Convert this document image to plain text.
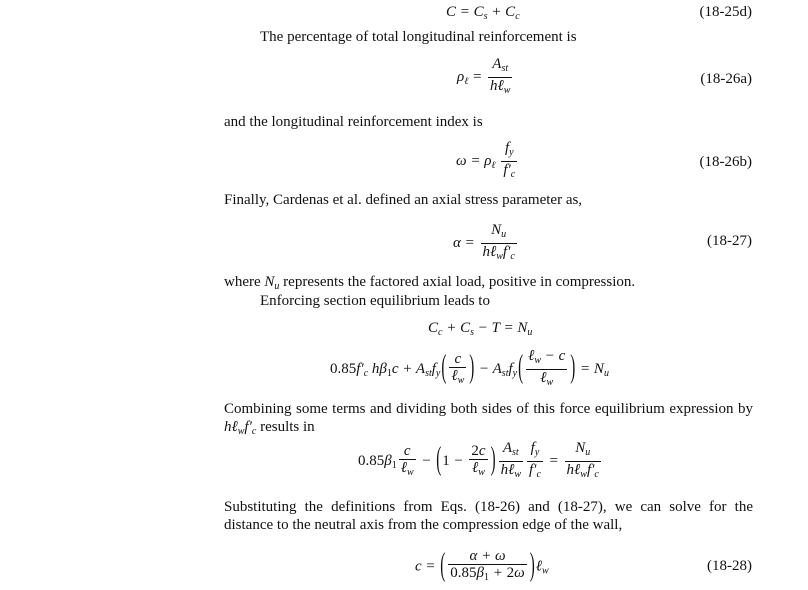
$C = C_s + C_c$	(18-25d)
The percentage of total longitudinal reinforcement is
$\rho_\ell = \frac{A_{st}}{h\ell_w}$	(18-26a)
and the longitudinal reinforcement index is
$\omega = \rho_\ell \frac{f_y}{f'_c}$	(18-26b)
Finally, Cardenas et al. defined an axial stress parameter as,
$\alpha = \frac{N_u}{h\ell_wf'_c}$	(18-27)
where $N_u$ represents the factored axial load, positive in compression.
Enforcing section equilibrium leads to
$C_c + C_s - T = N_u$
$0.85f'_c$ $h\beta_1c + A_{st}f_y( \frac{c}{\ell_w}$ ) − $A_{st}f_y( \frac{\ell_w - c}{\ell_w}$ ) = $N_u$
Combining some terms and dividing both sides of this force equilibrium expression by $h\ell_wf'_c$ results in
$0.85\beta_1 \frac{c}{\ell_w} - (1 - \frac{2c}{\ell_w}$ ) $\frac{A_{st}}{h\ell_w} \frac{f_y}{f'_c} = \frac{N_u}{h\ell_wf'_c}$
Substituting the definitions from Eqs. (18-26) and (18-27), we can solve for the distance to the neutral axis from the compression edge of the wall,
c = ( $\frac{\alpha + \omega}{0.85\beta_1 + 2\omega}$ )ℓ$_w$	(18-28)
